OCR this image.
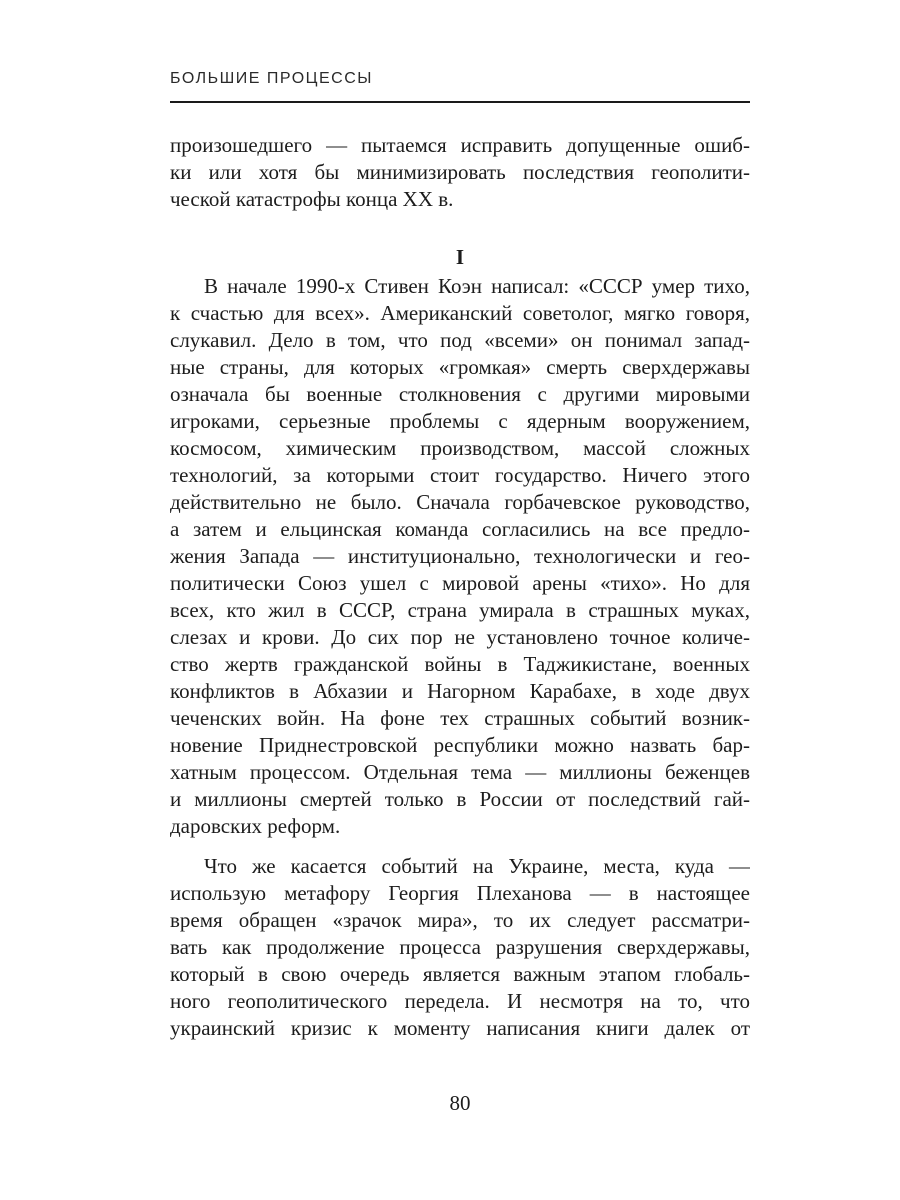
БОЛЬШИЕ ПРОЦЕССЫ
произошедшего — пытаемся исправить допущенные ошиб-
ки или хотя бы минимизировать последствия геополити-
ческой катастрофы конца XX в.
I
В начале 1990-х Стивен Коэн написал: «СССР умер тихо,
к счастью для всех». Американский советолог, мягко говоря,
слукавил. Дело в том, что под «всеми» он понимал запад-
ные страны, для которых «громкая» смерть сверхдержавы
означала бы военные столкновения с другими мировыми
игроками, серьезные проблемы с ядерным вооружением,
космосом, химическим производством, массой сложных
технологий, за которыми стоит государство. Ничего этого
действительно не было. Сначала горбачевское руководство,
а затем и ельцинская команда согласились на все предло-
жения Запада — институционально, технологически и гео-
политически Союз ушел с мировой арены «тихо». Но для
всех, кто жил в СССР, страна умирала в страшных муках,
слезах и крови. До сих пор не установлено точное количе-
ство жертв гражданской войны в Таджикистане, военных
конфликтов в Абхазии и Нагорном Карабахе, в ходе двух
чеченских войн. На фоне тех страшных событий возник-
новение Приднестровской республики можно назвать бар-
хатным процессом. Отдельная тема — миллионы беженцев
и миллионы смертей только в России от последствий гай-
даровских реформ.
Что же касается событий на Украине, места, куда —
использую метафору Георгия Плеханова — в настоящее
время обращен «зрачок мира», то их следует рассматри-
вать как продолжение процесса разрушения сверхдержавы,
который в свою очередь является важным этапом глобаль-
ного геополитического передела. И несмотря на то, что
украинский кризис к моменту написания книги далек от
80
